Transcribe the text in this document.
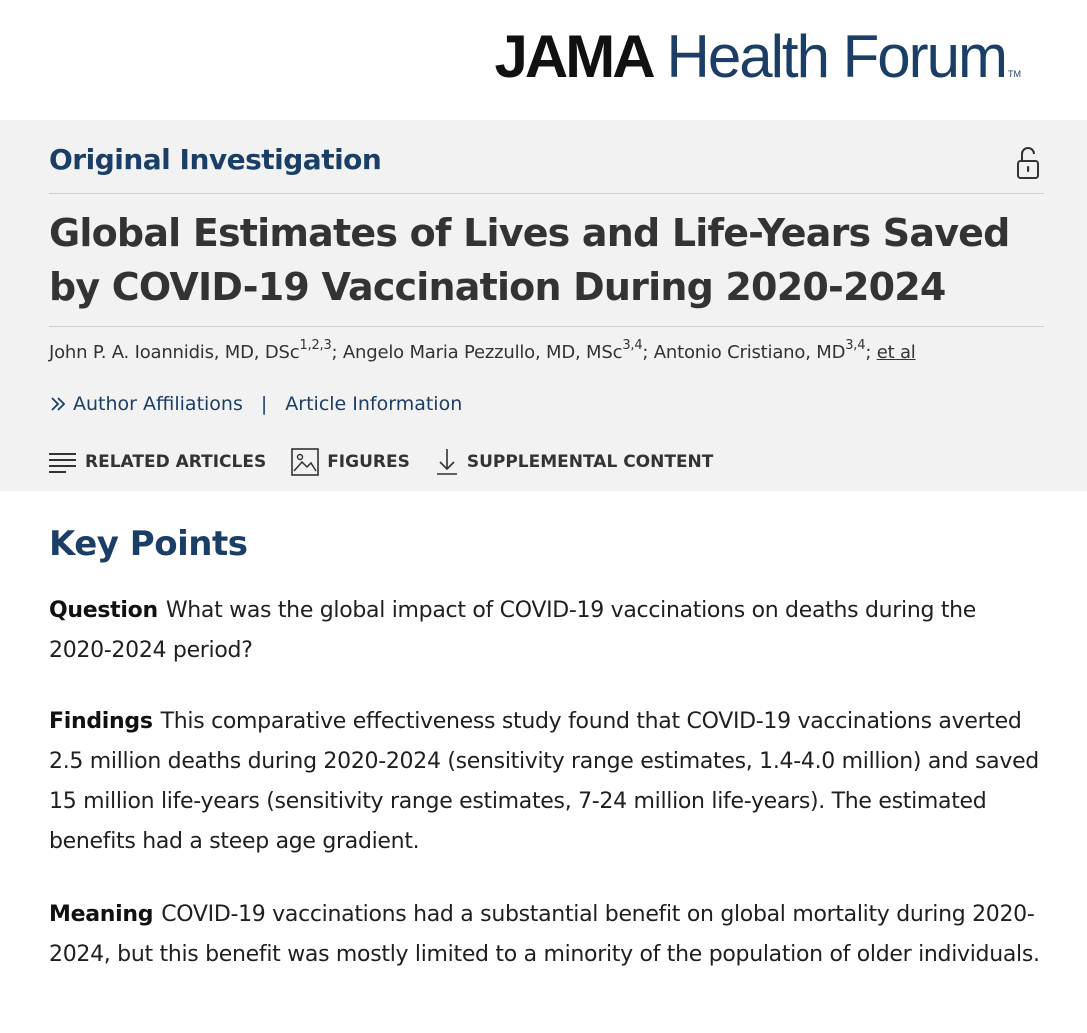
JAMA Health Forum TM
Original Investigation
Global Estimates of Lives and Life-Years Saved by COVID-19 Vaccination During 2020-2024
John P. A. Ioannidis, MD, DSc$^{1,2,3}$; Angelo Maria Pezzullo, MD, MSc$^{3,4}$; Antonio Cristiano, MD$^{3,4}$; et al
Author Affiliations | Article Information
RELATED ARTICLES	FIGURES	SUPPLEMENTAL CONTENT
Key Points

Question What was the global impact of COVID-19 vaccinations on deaths during the 2020-2024 period?

Findings This comparative effectiveness study found that COVID-19 vaccinations averted 2.5 million deaths during 2020-2024 (sensitivity range estimates, 1.4-4.0 million) and saved 15 million life-years (sensitivity range estimates, 7-24 million life-years). The estimated benefits had a steep age gradient.

Meaning COVID-19 vaccinations had a substantial benefit on global mortality during 2020-2024, but this benefit was mostly limited to a minority of the population of older individuals.
